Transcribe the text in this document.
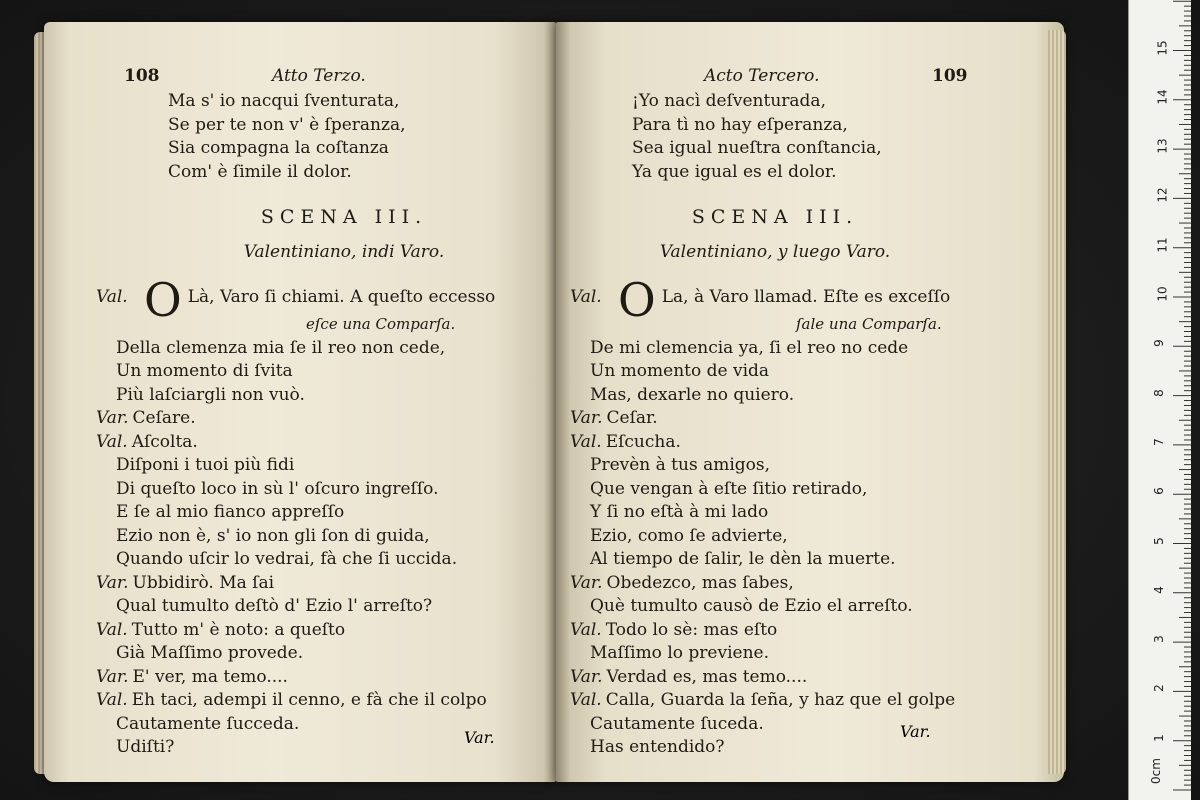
108	Atto Terzo.
Ma s' io nacqui ſventurata,
Se per te non v' è ſperanza,
Sia compagna la coſtanza
Com' è ſimile il dolor.
SCENA III.
Valentiniano, indi Varo.
Val. O Là, Varo ſi chiami. A queſto eccesso
eſce una Comparſa.
Della clemenza mia ſe il reo non cede,
Un momento di ſvita
Più laſciargli non vuò.
Var. Ceſare.
Val. Aſcolta.
Diſponi i tuoi più fidi
Di queſto loco in sù l' oſcuro ingreſſo.
E ſe al mio fianco appreſſo
Ezio non è, s' io non gli ſon di guida,
Quando uſcir lo vedrai, fà che ſi uccida.
Var. Ubbidirò. Ma ſai
Qual tumulto deſtò d' Ezio l' arreſto?
Val. Tutto m' è noto: a queſto
Già Maſſimo provede.
Var. E' ver, ma temo....
Val. Eh taci, adempi il cenno, e fà che il colpo
Cautamente ſucceda.
Udiſti?	Var.
Acto Tercero.	109
¡Yo nacì deſventurada,
Para tì no hay eſperanza,
Sea igual nueſtra conſtancia,
Ya que igual es el dolor.
SCENA III.
Valentiniano, y luego Varo.
Val. O La, à Varo llamad. Eſte es exceſſo
ſale una Comparſa.
De mi clemencia ya, ſi el reo no cede
Un momento de vida
Mas, dexarle no quiero.
Var. Ceſar.
Val. Eſcucha.
Prevèn à tus amigos,
Que vengan à eſte ſitio retirado,
Y ſi no eſtà à mi lado
Ezio, como ſe advierte,
Al tiempo de ſalir, le dèn la muerte.
Var. Obedezco, mas ſabes,
Què tumulto causò de Ezio el arreſto.
Val. Todo lo sè: mas eſto
Maſſimo lo previene.
Var. Verdad es, mas temo....
Val. Calla, Guarda la ſeña, y haz que el golpe
Cautamente ſuceda.
Has entendido?
Var.
0cm
1
2
3
4
5
6
7
8
9
10
11
12
13
14
15
